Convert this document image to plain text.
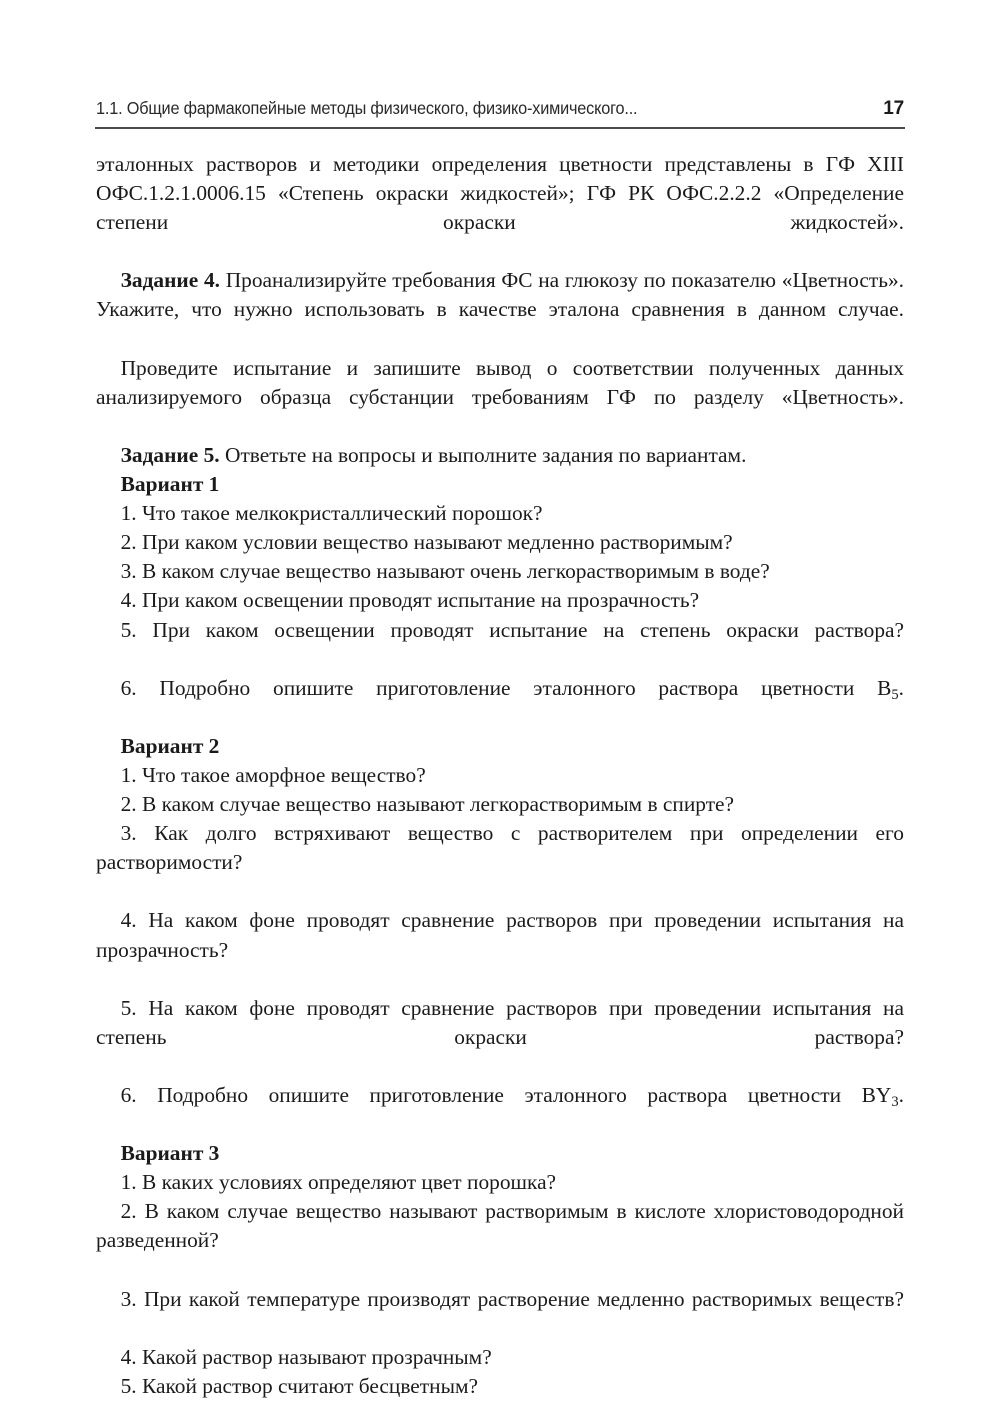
1.1. Общие фармакопейные методы физического, физико-химического...	17

эталонных растворов и методики определения цветности представлены в ГФ XIII ОФС.1.2.1.0006.15 «Степень окраски жидкостей»; ГФ РК ОФС.2.2.2 «Определение степени окраски жидкостей».

Задание 4. Проанализируйте требования ФС на глюкозу по показателю «Цветность». Укажите, что нужно использовать в качестве эталона сравнения в данном случае.

Проведите испытание и запишите вывод о соответствии полученных данных анализируемого образца субстанции требованиям ГФ по разделу «Цветность».

Задание 5. Ответьте на вопросы и выполните задания по вариантам.

Вариант 1

1. Что такое мелкокристаллический порошок?

2. При каком условии вещество называют медленно растворимым?

3. В каком случае вещество называют очень легкорастворимым в воде?

4. При каком освещении проводят испытание на прозрачность?

5. При каком освещении проводят испытание на степень окраски раствора?

6. Подробно опишите приготовление эталонного раствора цветности $B_5$.

Вариант 2

1. Что такое аморфное вещество?

2. В каком случае вещество называют легкорастворимым в спирте?

3. Как долго встряхивают вещество с растворителем при определении его растворимости?

4. На каком фоне проводят сравнение растворов при проведении испытания на прозрачность?

5. На каком фоне проводят сравнение растворов при проведении испытания на степень окраски раствора?

6. Подробно опишите приготовление эталонного раствора цветности $BY_3$.

Вариант 3

1. В каких условиях определяют цвет порошка?

2. В каком случае вещество называют растворимым в кислоте хлористоводородной разведенной?

3. При какой температуре производят растворение медленно растворимых веществ?

4. Какой раствор называют прозрачным?

5. Какой раствор считают бесцветным?
